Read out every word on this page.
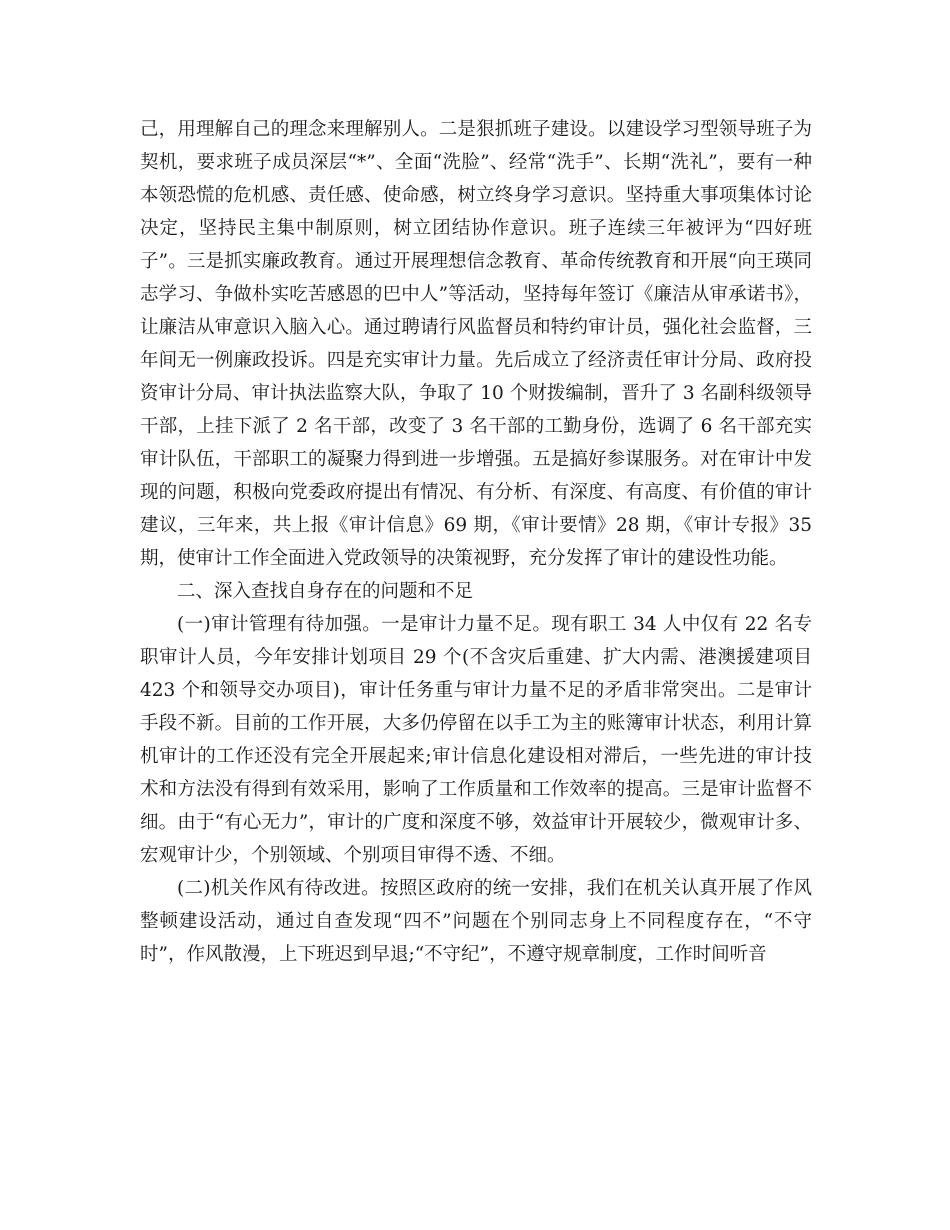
己，用理解自己的理念来理解别人。二是狠抓班子建设。以建设学习型领导班子为契机，要求班子成员深层“*”、全面“洗脸”、经常“洗手”、长期“洗礼”，要有一种本领恐慌的危机感、责任感、使命感，树立终身学习意识。坚持重大事项集体讨论决定，坚持民主集中制原则，树立团结协作意识。班子连续三年被评为“四好班子”。三是抓实廉政教育。通过开展理想信念教育、革命传统教育和开展“向王瑛同志学习、争做朴实吃苦感恩的巴中人”等活动，坚持每年签订《廉洁从审承诺书》，让廉洁从审意识入脑入心。通过聘请行风监督员和特约审计员，强化社会监督，三年间无一例廉政投诉。四是充实审计力量。先后成立了经济责任审计分局、政府投资审计分局、审计执法监察大队，争取了 10 个财拨编制，晋升了 3 名副科级领导干部，上挂下派了 2 名干部，改变了 3 名干部的工勤身份，选调了 6 名干部充实审计队伍，干部职工的凝聚力得到进一步增强。五是搞好参谋服务。对在审计中发现的问题，积极向党委政府提出有情况、有分析、有深度、有高度、有价值的审计建议，三年来，共上报《审计信息》69 期，《审计要情》28 期，《审计专报》35 期，使审计工作全面进入党政领导的决策视野，充分发挥了审计的建设性功能。

二、深入查找自身存在的问题和不足

(一)审计管理有待加强。一是审计力量不足。现有职工 34 人中仅有 22 名专职审计人员，今年安排计划项目 29 个(不含灾后重建、扩大内需、港澳援建项目 423 个和领导交办项目)，审计任务重与审计力量不足的矛盾非常突出。二是审计手段不新。目前的工作开展，大多仍停留在以手工为主的账簿审计状态，利用计算机审计的工作还没有完全开展起来;审计信息化建设相对滞后，一些先进的审计技术和方法没有得到有效采用，影响了工作质量和工作效率的提高。三是审计监督不细。由于“有心无力”，审计的广度和深度不够，效益审计开展较少，微观审计多、宏观审计少，个别领域、个别项目审得不透、不细。

(二)机关作风有待改进。按照区政府的统一安排，我们在机关认真开展了作风整顿建设活动，通过自查发现“四不”问题在个别同志身上不同程度存在，“不守时”，作风散漫，上下班迟到早退;“不守纪”，不遵守规章制度，工作时间听音
